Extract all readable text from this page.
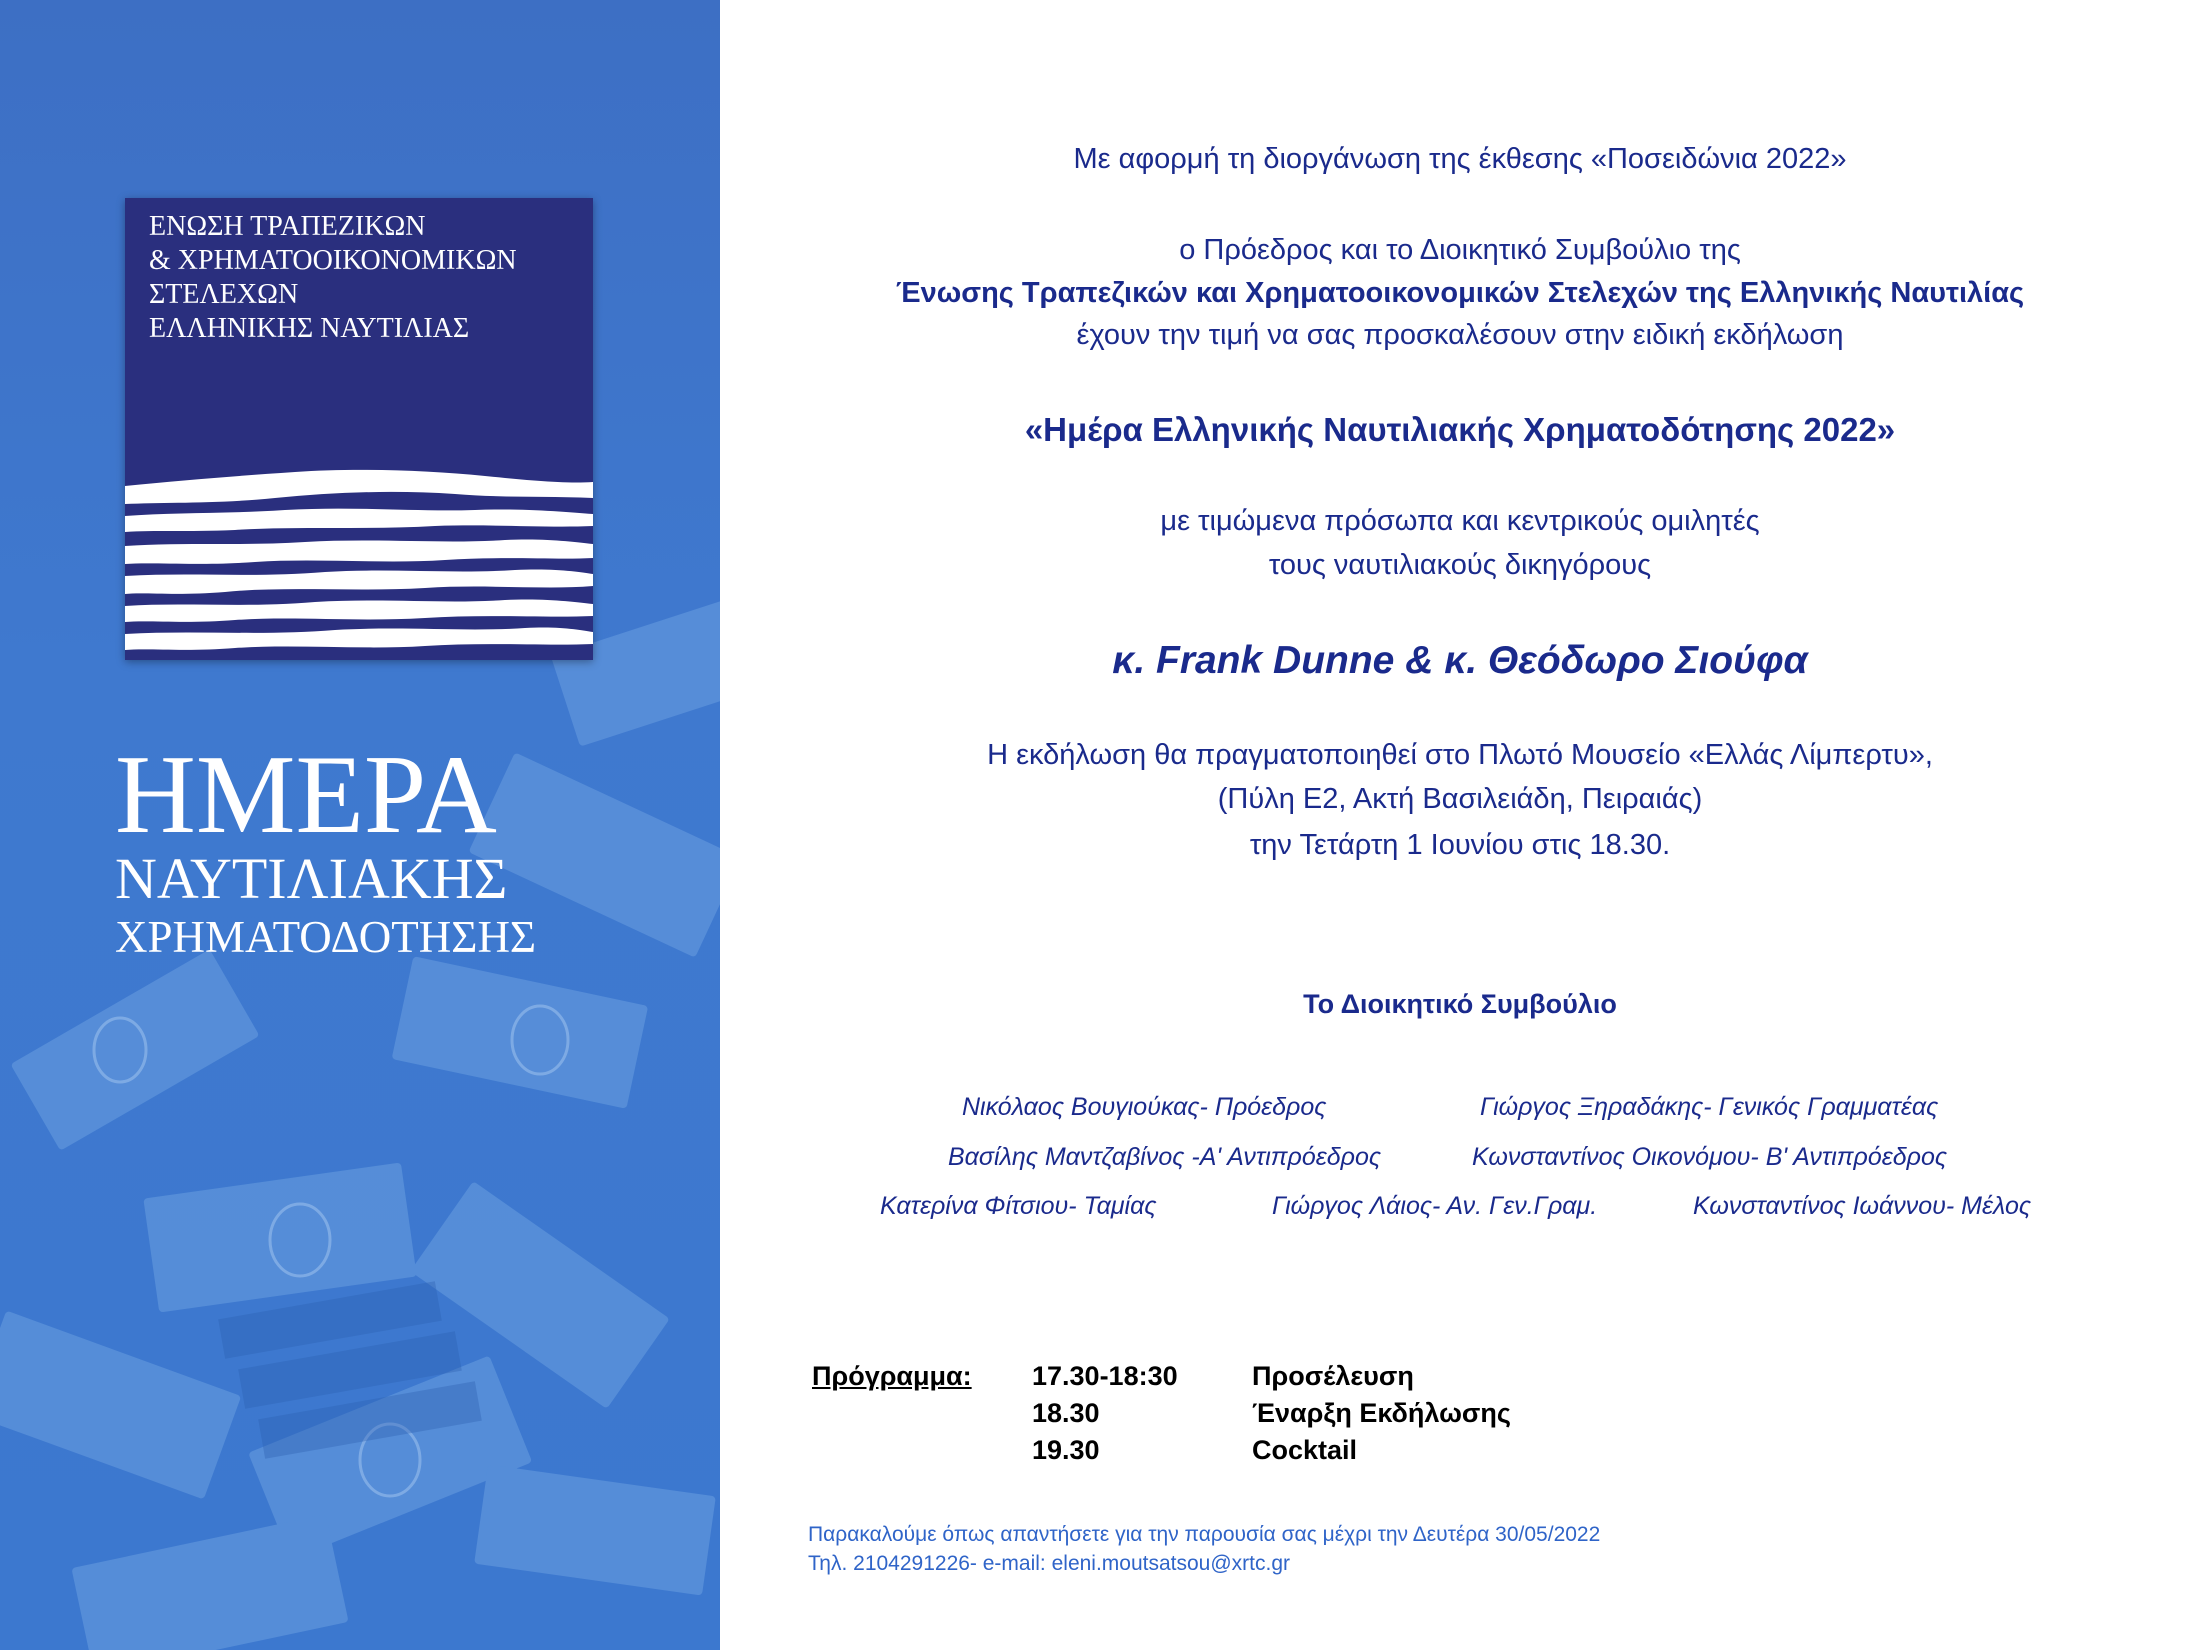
ΕΝΩΣΗ ΤΡΑΠΕΖΙΚΩΝ
& ΧΡΗΜΑΤΟΟΙΚΟΝΟΜΙΚΩΝ
ΣΤΕΛΕΧΩΝ
ΕΛΛΗΝΙΚΗΣ ΝΑΥΤΙΛΙΑΣ
ΗΜΕΡΑ
ΝΑΥΤΙΛΙΑΚΗΣ
ΧΡΗΜΑΤΟΔΟΤΗΣΗΣ
Με αφορμή τη διοργάνωση της έκθεσης «Ποσειδώνια 2022»
ο Πρόεδρος και το Διοικητικό Συμβούλιο της
Ένωσης Τραπεζικών και Χρηματοοικονομικών Στελεχών της Ελληνικής Ναυτιλίας
έχουν την τιμή να σας προσκαλέσουν στην ειδική εκδήλωση
«Ημέρα Ελληνικής Ναυτιλιακής Χρηματοδότησης 2022»
με τιμώμενα πρόσωπα και κεντρικούς ομιλητές
τους ναυτιλιακούς δικηγόρους
κ. Frank Dunne & κ. Θεόδωρο Σιούφα
Η εκδήλωση θα πραγματοποιηθεί στο Πλωτό Μουσείο «Ελλάς Λίμπερτυ»,
(Πύλη Ε2, Ακτή Βασιλειάδη, Πειραιάς)
την Τετάρτη 1 Ιουνίου στις 18.30.
Το Διοικητικό Συμβούλιο
Νικόλαος Βουγιούκας- Πρόεδρος	Γιώργος Ξηραδάκης- Γενικός Γραμματέας
Βασίλης Μαντζαβίνος -Α' Αντιπρόεδρος	Κωνσταντίνος Οικονόμου- Β' Αντιπρόεδρος
Κατερίνα Φίτσιου- Ταμίας	Γιώργος Λάιος- Αν. Γεν.Γραμ.	Κωνσταντίνος Ιωάννου- Μέλος
Πρόγραμμα: 17.30-18:30	Προσέλευση
18.30	Έναρξη Εκδήλωσης
19.30	Cocktail
Παρακαλούμε όπως απαντήσετε για την παρουσία σας μέχρι την Δευτέρα 30/05/2022
Τηλ. 2104291226- e-mail: eleni.moutsatsou@xrtc.gr
